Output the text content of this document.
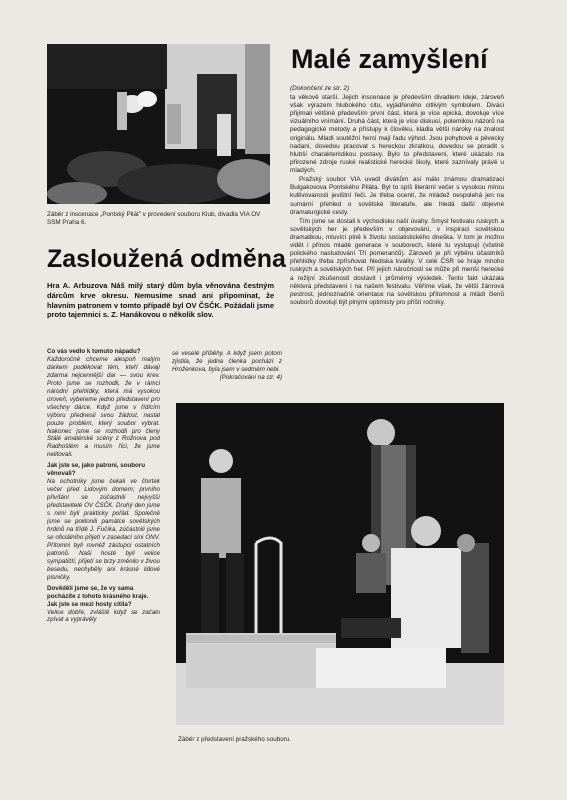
Záběr z inscenace „Pontský Pilát" v provedení souboru Klub, divadla VIA OV SSM Praha 6.
Malé zamyšlení
(Dokončení ze str. 2)

ta věkově starší. Jejich inscenace je především divadlem ideje, zároveň však výrazem hlubokého citu, vyjádřeného citlivým symbolem. Diváci přijímali většině především první část, která je více epická, dovoluje více vizuálního vnímání. Druhá část, která je více diskusí, polemikou názorů na pedagogické metody a přístupy k člověku, kladla větší nároky na znalost originálu. Mladí soutěžní herci mají řadu výhod. Jsou pohybově a pěvecky nadaní, dovedou pracovat s hereckou zkratkou, dovedou se poradit s hlubší charakteristikou postavy. Bylo to představení, které ukázalo na přirozené zdroje ruské realistické herecké školy, které zaznívaly právě u mladých.

Pražský soubor VIA uvedl divákům asi málo známou dramatizaci Bulgakovova Pontského Piláta. Byl to spíš literární večer s vysokou mírou kultivovanosti jevištní řeči. Je třeba ocenit, že mládež nespolehá jen na sumární přehled o sovětské literatuře, ale hledá další objevné dramaturgické cesty.

Tím jsme se dostali k východisku naší úvahy. Smysl festivalu ruských a sovětských her je především v objevování, v inspiraci sovětskou dramatikou, mluvící plně k životu socialistického dneška. V tom je možno vidět i přínos mladé generace v souborech, které tu vystupují (včetně polického nastudování Tří pomerančů). Zároveň je při výběru účastníků přehlídky třeba zpřísňovat hlediska kvality. V celé ČSR se hraje mnoho ruských a sovětských her. Při jejich náročnosti se může při menší herecké a režijní zkušenosti dostavit i průměrný výsledek. Tento fakt ukázala některá představení i na našem festivalu. Věříme však, že větší žánrová pestrost, jednoznačně orientace na sovětskou přítomnost a mládí členů souborů dovolují být plnými optimisty pro příští ročníky.

Zasloužená odměna
Hra A. Arbuzova Náš milý starý dům byla věnována čestným dárcům krve okresu. Nemusíme snad ani připomínat, že hlavním patronem v tomto případě byl OV ČSČK. Požádali jsme proto tajemnici s. Z. Hanákovou o několik slov.
Co vás vedlo k tomuto nápadu?
Každoročně chceme alespoň malým dárkem poděkovat těm, kteří dávají zdarma nejcennější dar — svou krev. Proto jsme se rozhodli, že v rámci národní přehlídky, která má vysokou úroveň, vybereme jedno představení pro všechny dárce. Když jsme v řídícím výboru přednesli svou žádost, nastal pouze problém, který soubor vybrat. Nakonec jsme se rozhodli pro členy Stálé amatérské scény z Rožnova pod Radhoštěm a musím říci, že jsme nelitovali.
Jak jste se, jako patroni, souboru věnovali?
Na ochotníky jsme čekali ve čtvrtek večer před Lidovým domem; prvního přivítání se zúčastnili nejvyšší představitelé OV ČSČK. Druhý den jsme s nimi byli prakticky pořád. Společně jsme se poklonili památce sovětských hrdinů na třídě J. Fučíka, zúčastnili jsme se oficiálního přijetí v zasedací síni ONV. Přítomni byli rovněž zástupci ostatních patronů. Naši hosté byli velice sympatičtí, přijetí se brzy změnilo v živou besedu, nechyběly ani krásné lidové písničky.
Dověděli jsme se, že vy sama pocházíte z tohoto krásného kraje. Jak jste se mezi hosty cítila?
Velice dobře, zvláště když se začalo zpívat a vyprávěly
se veselé příběhy. A když jsem potom zjistila, že jedna členka pochází z Hroženkova, byla jsem v sedmém nebi.
(Pokračování na str. 4)
Záběr z představení pražského souboru.
